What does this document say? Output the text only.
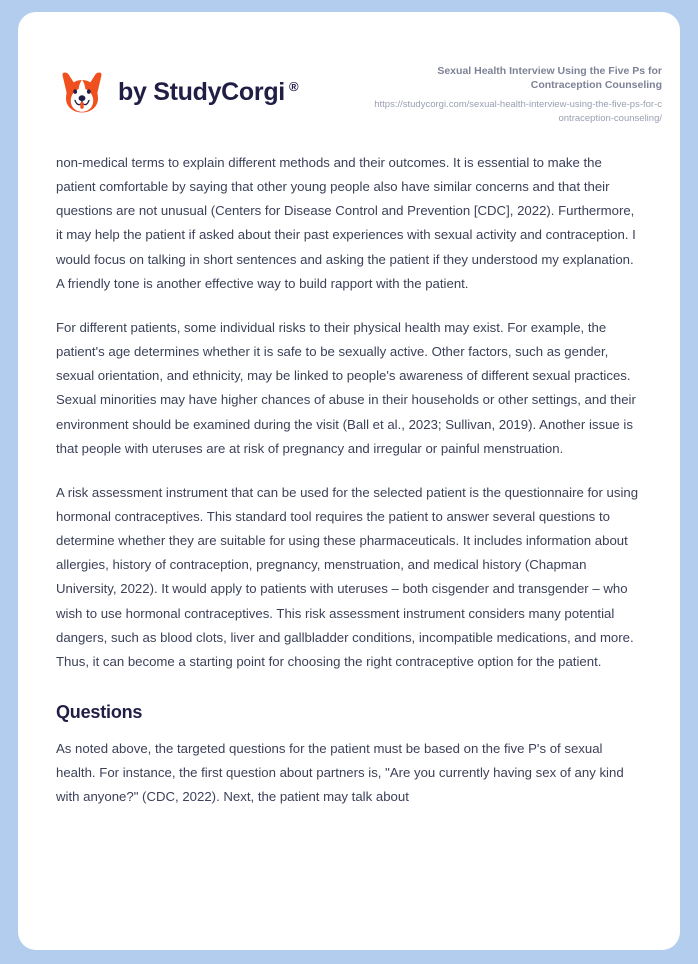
by StudyCorgi ®

Sexual Health Interview Using the Five Ps for Contraception Counseling

https://studycorgi.com/sexual-health-interview-using-the-five-ps-for-contraception-counseling/

non-medical terms to explain different methods and their outcomes. It is essential to make the patient comfortable by saying that other young people also have similar concerns and that their questions are not unusual (Centers for Disease Control and Prevention [CDC], 2022). Furthermore, it may help the patient if asked about their past experiences with sexual activity and contraception. I would focus on talking in short sentences and asking the patient if they understood my explanation. A friendly tone is another effective way to build rapport with the patient.

For different patients, some individual risks to their physical health may exist. For example, the patient's age determines whether it is safe to be sexually active. Other factors, such as gender, sexual orientation, and ethnicity, may be linked to people's awareness of different sexual practices. Sexual minorities may have higher chances of abuse in their households or other settings, and their environment should be examined during the visit (Ball et al., 2023; Sullivan, 2019). Another issue is that people with uteruses are at risk of pregnancy and irregular or painful menstruation.

A risk assessment instrument that can be used for the selected patient is the questionnaire for using hormonal contraceptives. This standard tool requires the patient to answer several questions to determine whether they are suitable for using these pharmaceuticals. It includes information about allergies, history of contraception, pregnancy, menstruation, and medical history (Chapman University, 2022). It would apply to patients with uteruses – both cisgender and transgender – who wish to use hormonal contraceptives. This risk assessment instrument considers many potential dangers, such as blood clots, liver and gallbladder conditions, incompatible medications, and more. Thus, it can become a starting point for choosing the right contraceptive option for the patient.

Questions

As noted above, the targeted questions for the patient must be based on the five P's of sexual health. For instance, the first question about partners is, "Are you currently having sex of any kind with anyone?" (CDC, 2022). Next, the patient may talk about
